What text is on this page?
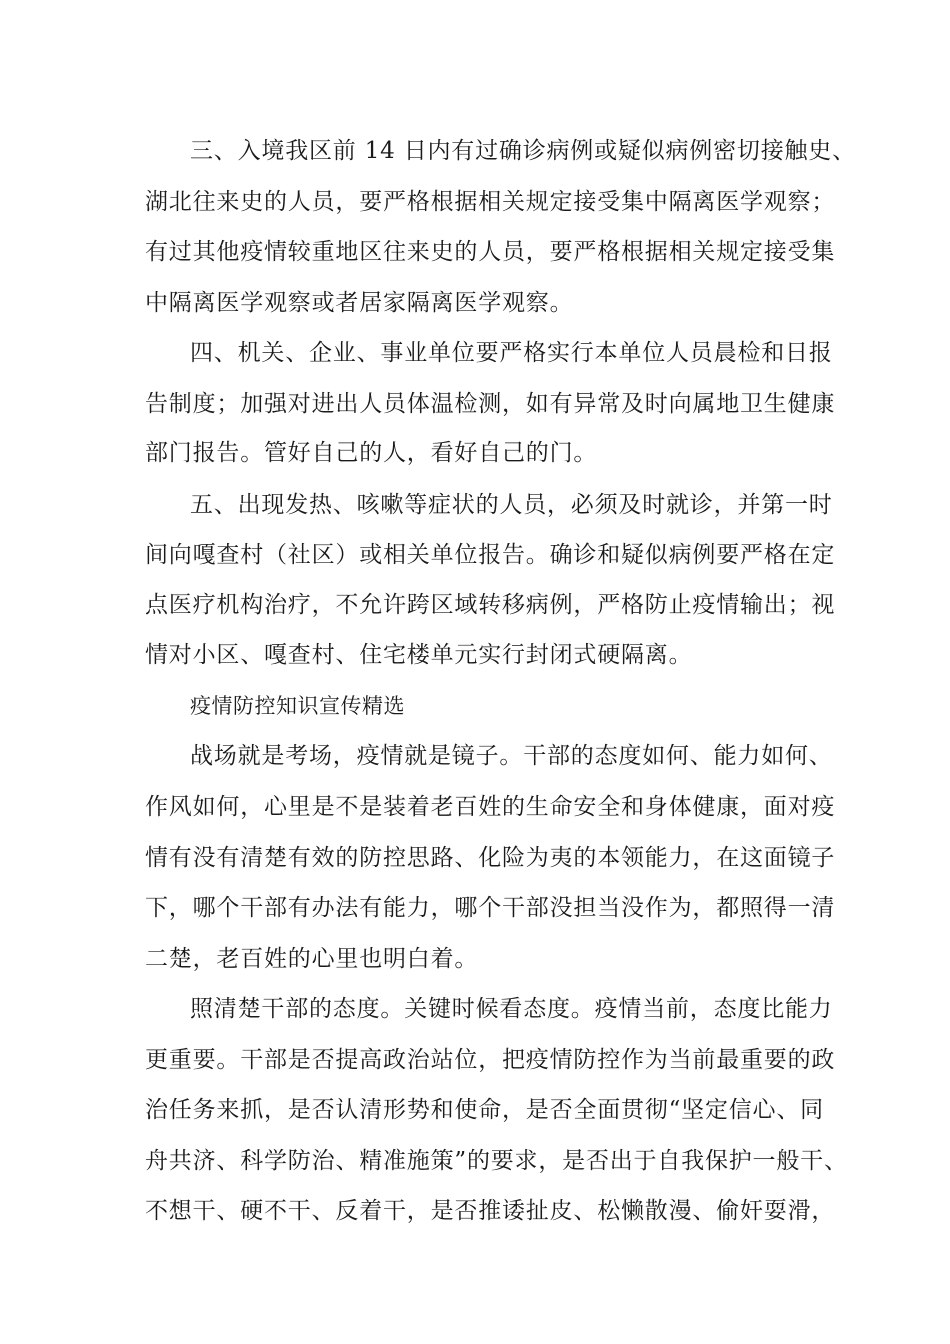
三、入境我区前 14 日内有过确诊病例或疑似病例密切接触史、
湖北往来史的人员，要严格根据相关规定接受集中隔离医学观察；
有过其他疫情较重地区往来史的人员，要严格根据相关规定接受集
中隔离医学观察或者居家隔离医学观察。
四、机关、企业、事业单位要严格实行本单位人员晨检和日报
告制度；加强对进出人员体温检测，如有异常及时向属地卫生健康
部门报告。管好自己的人，看好自己的门。
五、出现发热、咳嗽等症状的人员，必须及时就诊，并第一时
间向嘎查村（社区）或相关单位报告。确诊和疑似病例要严格在定
点医疗机构治疗，不允许跨区域转移病例，严格防止疫情输出；视
情对小区、嘎查村、住宅楼单元实行封闭式硬隔离。
疫情防控知识宣传精选
战场就是考场，疫情就是镜子。干部的态度如何、能力如何、
作风如何，心里是不是装着老百姓的生命安全和身体健康，面对疫
情有没有清楚有效的防控思路、化险为夷的本领能力，在这面镜子
下，哪个干部有办法有能力，哪个干部没担当没作为，都照得一清
二楚，老百姓的心里也明白着。
照清楚干部的态度。关键时候看态度。疫情当前，态度比能力
更重要。干部是否提高政治站位，把疫情防控作为当前最重要的政
治任务来抓，是否认清形势和使命，是否全面贯彻“坚定信心、同
舟共济、科学防治、精准施策”的要求，是否出于自我保护一般干、
不想干、硬不干、反着干，是否推诿扯皮、松懒散漫、偷奸耍滑，
